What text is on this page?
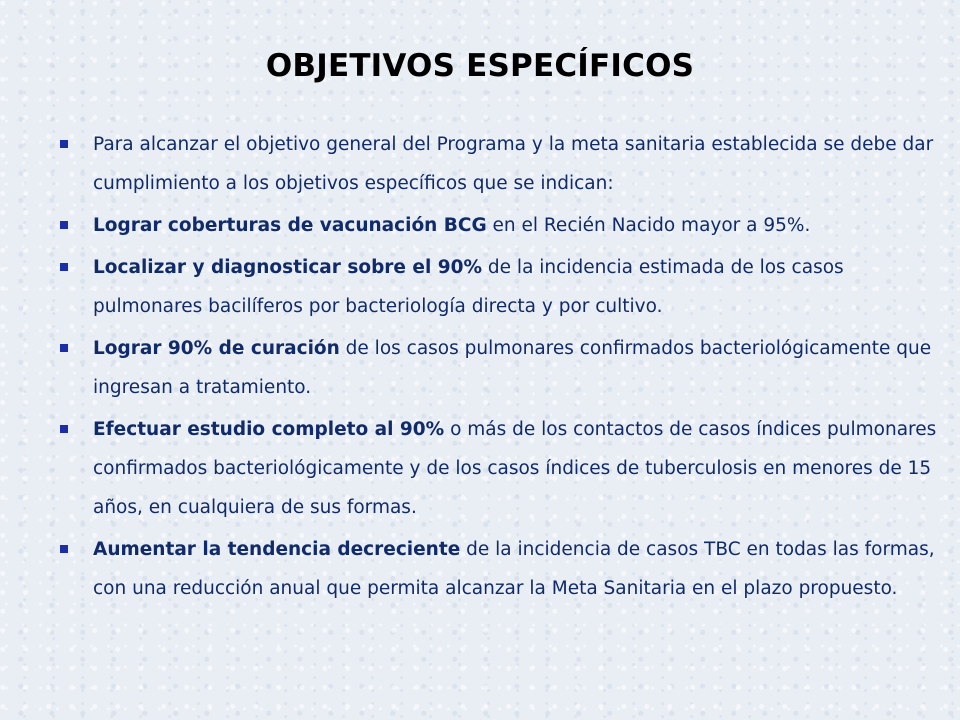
OBJETIVOS ESPECÍFICOS
Para alcanzar el objetivo general del Programa y la meta sanitaria establecida se debe dar cumplimiento a los objetivos específicos que se indican:
Lograr coberturas de vacunación BCG en el Recién Nacido mayor a 95%.
Localizar y diagnosticar sobre el 90% de la incidencia estimada de los casos pulmonares bacilíferos por bacteriología directa y por cultivo.
Lograr 90% de curación de los casos pulmonares confirmados bacteriológicamente que ingresan a tratamiento.
Efectuar estudio completo al 90% o más de los contactos de casos índices pulmonares confirmados bacteriológicamente y de los casos índices de tuberculosis en menores de 15 años, en cualquiera de sus formas.
Aumentar la tendencia decreciente de la incidencia de casos TBC en todas las formas, con una reducción anual que permita alcanzar la Meta Sanitaria en el plazo propuesto.
